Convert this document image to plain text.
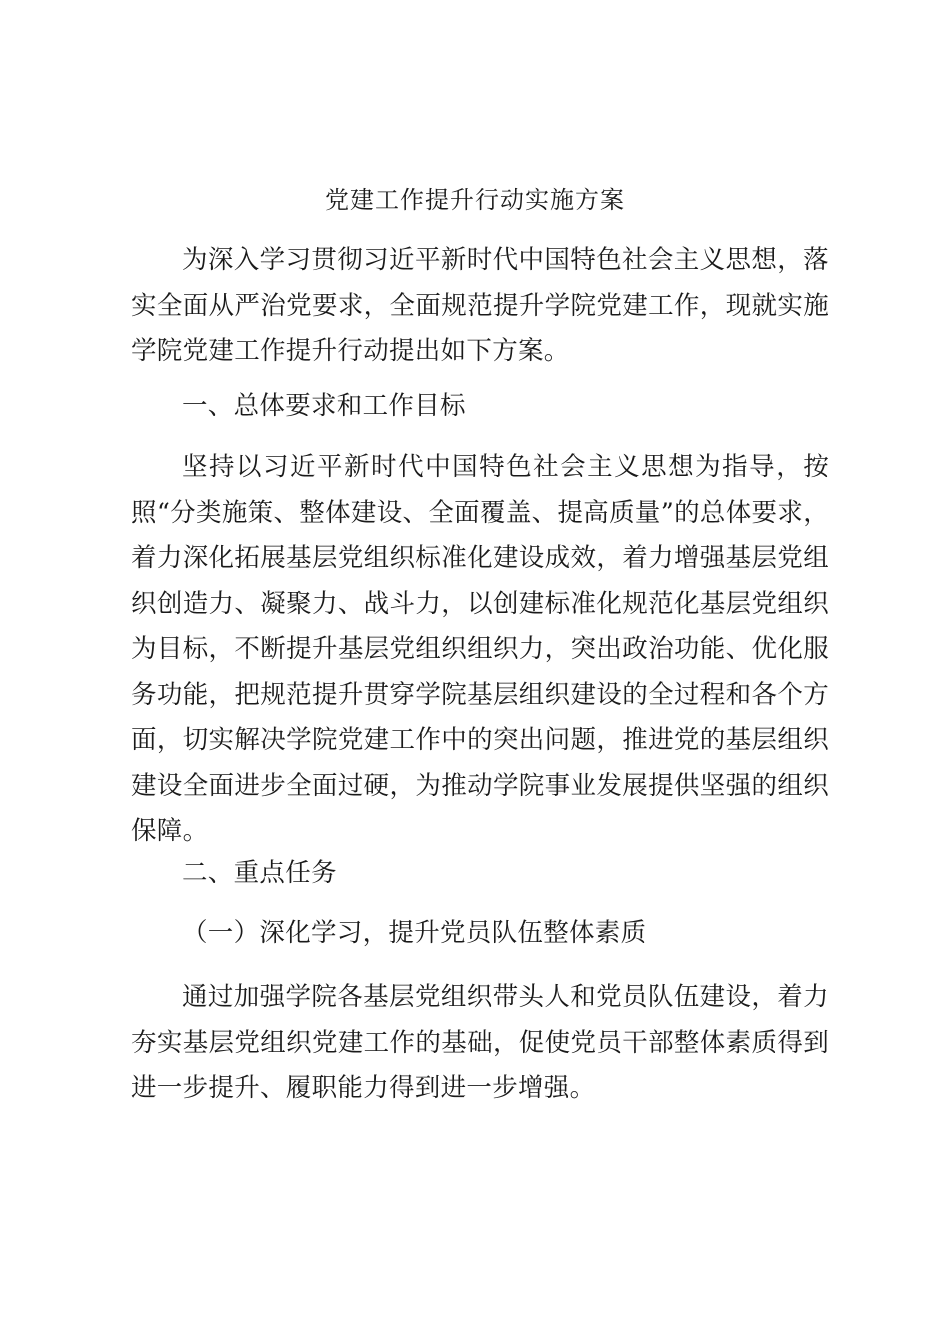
党建工作提升行动实施方案

为深入学习贯彻习近平新时代中国特色社会主义思想，落实全面从严治党要求，全面规范提升学院党建工作，现就实施学院党建工作提升行动提出如下方案。

一、总体要求和工作目标

坚持以习近平新时代中国特色社会主义思想为指导，按照“分类施策、整体建设、全面覆盖、提高质量”的总体要求，着力深化拓展基层党组织标准化建设成效，着力增强基层党组织创造力、凝聚力、战斗力，以创建标准化规范化基层党组织为目标，不断提升基层党组织组织力，突出政治功能、优化服务功能，把规范提升贯穿学院基层组织建设的全过程和各个方面，切实解决学院党建工作中的突出问题，推进党的基层组织建设全面进步全面过硬，为推动学院事业发展提供坚强的组织保障。

二、重点任务
（一）深化学习，提升党员队伍整体素质

通过加强学院各基层党组织带头人和党员队伍建设，着力夯实基层党组织党建工作的基础，促使党员干部整体素质得到进一步提升、履职能力得到进一步增强。
